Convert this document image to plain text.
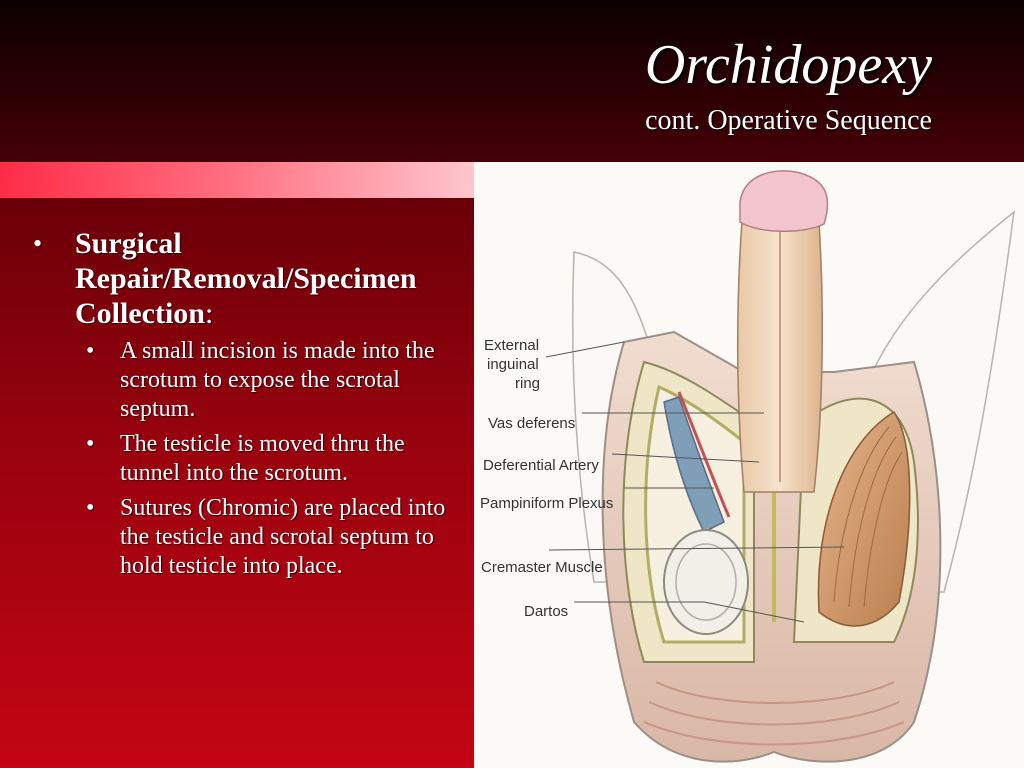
Orchidopexy
cont. Operative Sequence
• Surgical Repair/Removal/Specimen Collection:
• A small incision is made into the scrotum to expose the scrotal septum.
• The testicle is moved thru the tunnel into the scrotum.
• Sutures (Chromic) are placed into the testicle and scrotal septum to hold testicle into place.
External
inguinal
ring
Vas deferens
Deferential Artery
Pampiniform Plexus
Cremaster Muscle
Dartos
